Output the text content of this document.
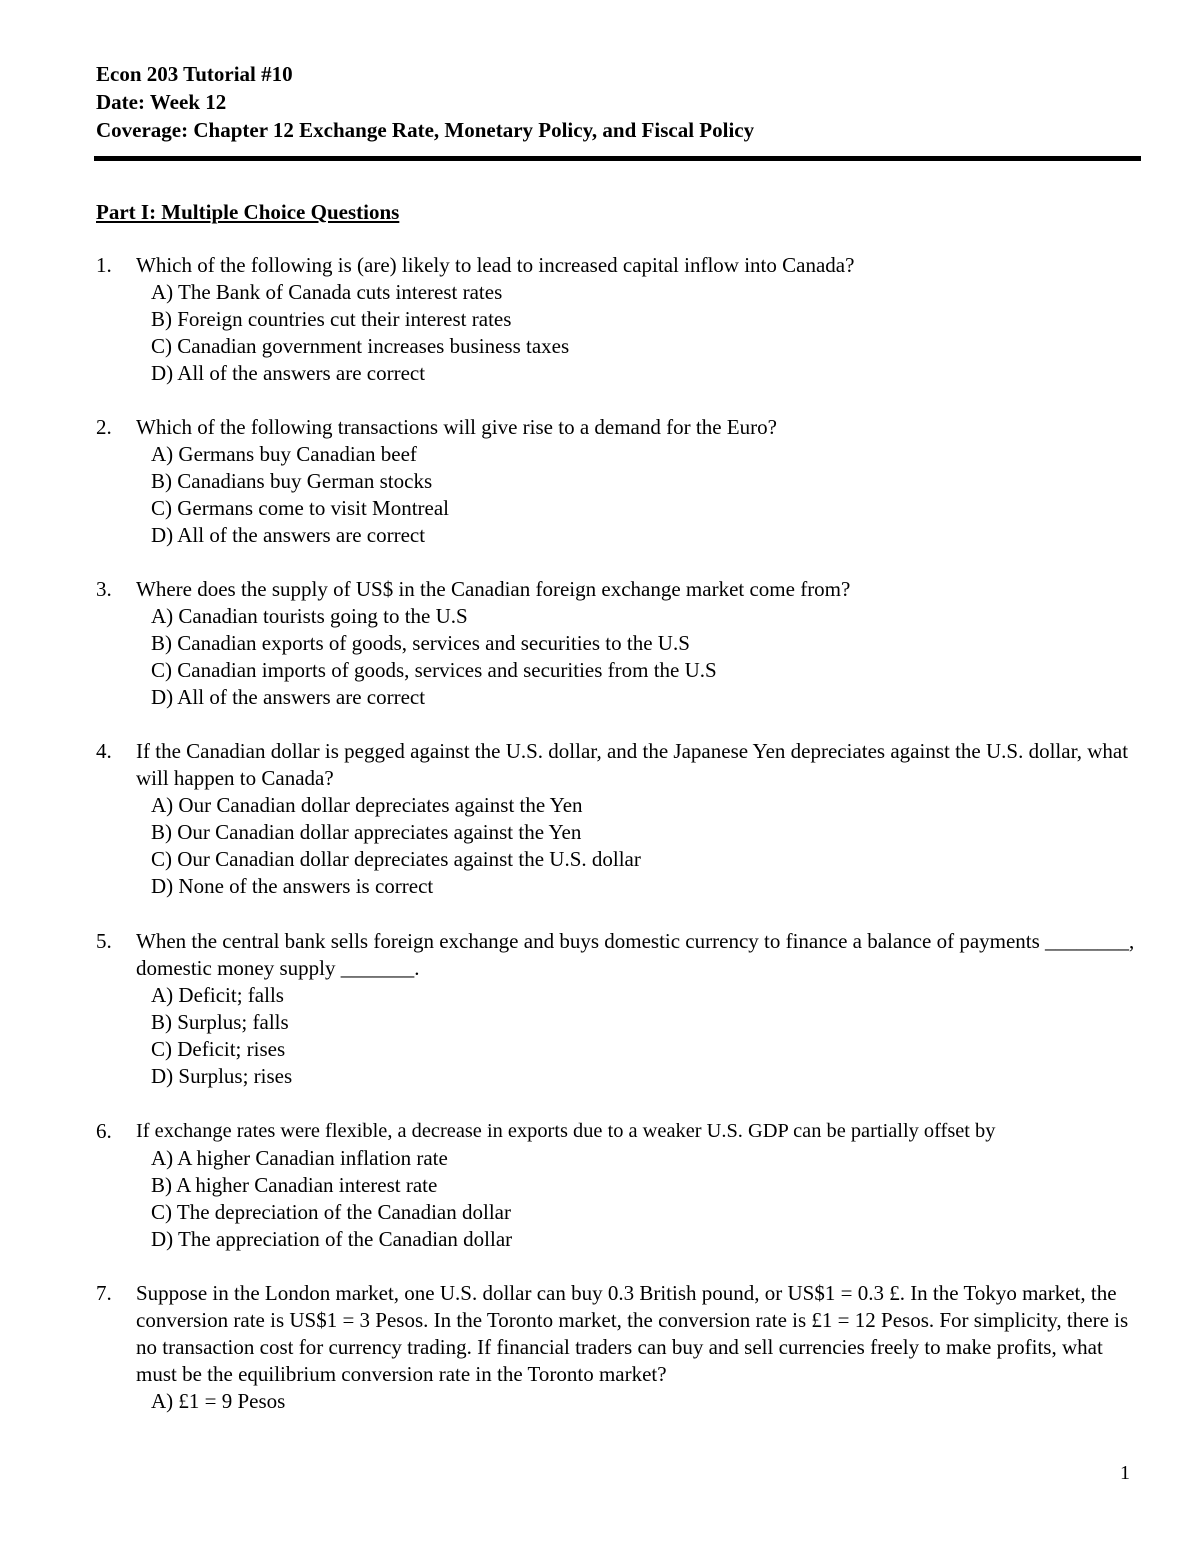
Econ 203 Tutorial #10
Date: Week 12
Coverage: Chapter 12 Exchange Rate, Monetary Policy, and Fiscal Policy
Part I: Multiple Choice Questions
1.	Which of the following is (are) likely to lead to increased capital inflow into Canada?
A) The Bank of Canada cuts interest rates
B) Foreign countries cut their interest rates
C) Canadian government increases business taxes
D) All of the answers are correct
2.	Which of the following transactions will give rise to a demand for the Euro?
A) Germans buy Canadian beef
B) Canadians buy German stocks
C) Germans come to visit Montreal
D) All of the answers are correct
3.	Where does the supply of US$ in the Canadian foreign exchange market come from?
A) Canadian tourists going to the U.S
B) Canadian exports of goods, services and securities to the U.S
C) Canadian imports of goods, services and securities from the U.S
D) All of the answers are correct
4.	If the Canadian dollar is pegged against the U.S. dollar, and the Japanese Yen depreciates against the U.S. dollar, what will happen to Canada?
A) Our Canadian dollar depreciates against the Yen
B) Our Canadian dollar appreciates against the Yen
C) Our Canadian dollar depreciates against the U.S. dollar
D) None of the answers is correct
5.	When the central bank sells foreign exchange and buys domestic currency to finance a balance of payments ________, domestic money supply _______.
A) Deficit; falls
B) Surplus; falls
C) Deficit; rises
D) Surplus; rises
6.	If exchange rates were flexible, a decrease in exports due to a weaker U.S. GDP can be partially offset by
A) A higher Canadian inflation rate
B) A higher Canadian interest rate
C) The depreciation of the Canadian dollar
D) The appreciation of the Canadian dollar
7.	Suppose in the London market, one U.S. dollar can buy 0.3 British pound, or US$1 = 0.3 £. In the Tokyo market, the conversion rate is US$1 = 3 Pesos. In the Toronto market, the conversion rate is £1 = 12 Pesos. For simplicity, there is no transaction cost for currency trading. If financial traders can buy and sell currencies freely to make profits, what must be the equilibrium conversion rate in the Toronto market?
A) £1 = 9 Pesos
1
